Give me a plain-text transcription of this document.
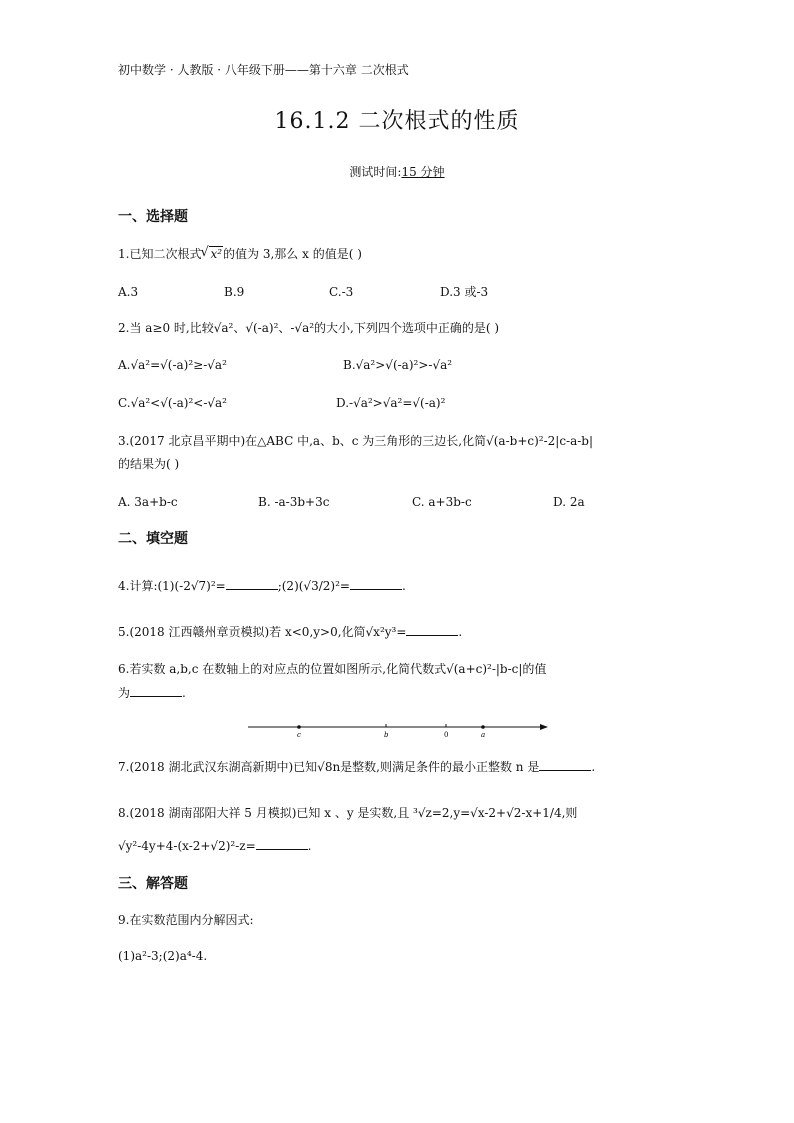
初中数学 · 人教版 · 八年级下册——第十六章 二次根式
16.1.2 二次根式的性质
测试时间:15 分钟
一、选择题
1.已知二次根式√ x²的值为 3,那么 x 的值是( )
A.3	B.9	C.-3	D.3 或-3
2.当 a≥0 时,比较√a²、√(-a)²、-√a²的大小,下列四个选项中正确的是( )
A.√a²=√(-a)²≥-√a²	B.√a²>√(-a)²>-√a²
C.√a²<√(-a)²<-√a²	D.-√a²>√a²=√(-a)²
3.(2017 北京昌平期中)在△ABC 中,a、b、c 为三角形的三边长,化简√(a-b+c)²-2|c-a-b|
的结果为( )
A. 3a+b-c	B. -a-3b+3c	C. a+3b-c	D. 2a
二、填空题
4.计算:(1)(-2√7)²=	;(2)(√3/2)²=	.
5.(2018 江西赣州章贡模拟)若 x<0,y>0,化简√x²y³=	.
6.若实数 a,b,c 在数轴上的对应点的位置如图所示,化简代数式√(a+c)²-|b-c|的值
为	.
c	b	0	a
7.(2018 湖北武汉东湖高新期中)已知√8n是整数,则满足条件的最小正整数 n 是	.
8.(2018 湖南邵阳大祥 5 月模拟)已知 x 、y 是实数,且 ³√z=2,y=√x-2+√2-x+1/4,则
√y²-4y+4-(x-2+√2)²-z=	.
三、解答题
9.在实数范围内分解因式:
(1)a²-3;(2)a⁴-4.
